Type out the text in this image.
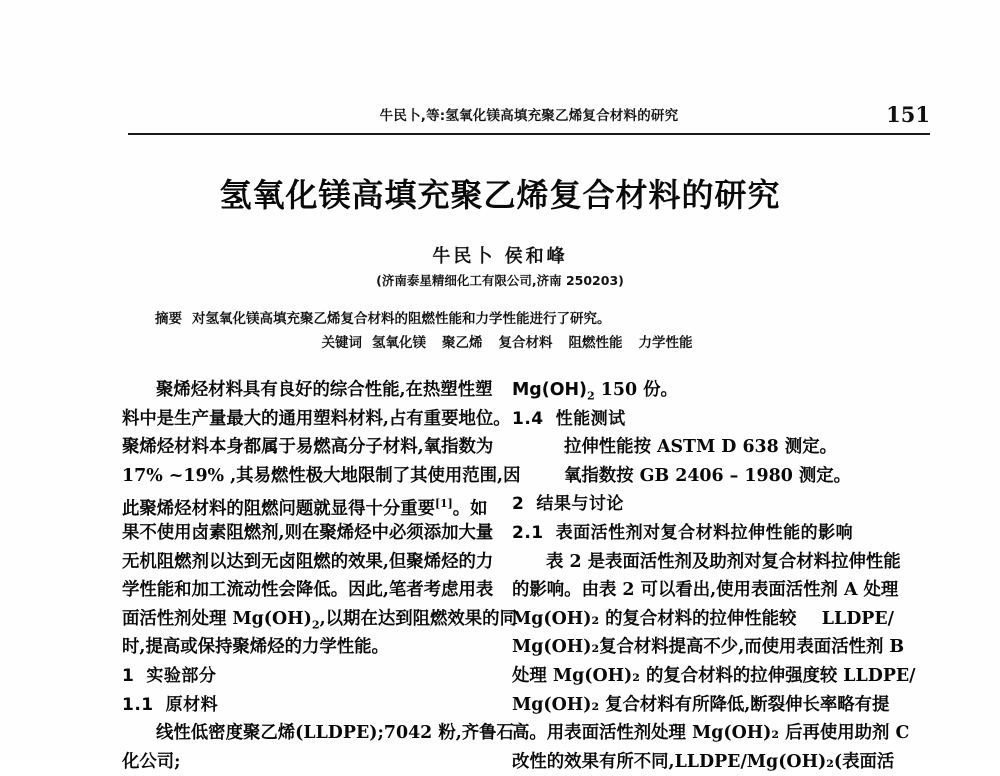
牛民卜,等:氢氧化镁高填充聚乙烯复合材料的研究	151
氢氧化镁高填充聚乙烯复合材料的研究
牛民卜 侯和峰
(济南泰星精细化工有限公司,济南 250203)
摘要 对氢氧化镁高填充聚乙烯复合材料的阻燃性能和力学性能进行了研究。
关键词 氢氧化镁 聚乙烯 复合材料 阻燃性能 力学性能
聚烯烃材料具有良好的综合性能,在热塑性塑
料中是生产量最大的通用塑料材料,占有重要地位。
聚烯烃材料本身都属于易燃高分子材料,氧指数为
17% ~19% ,其易燃性极大地限制了其使用范围,因
此聚烯烃材料的阻燃问题就显得十分重要[1]。如
果不使用卤素阻燃剂,则在聚烯烃中必须添加大量
无机阻燃剂以达到无卤阻燃的效果,但聚烯烃的力
学性能和加工流动性会降低。因此,笔者考虑用表
面活性剂处理 $Mg(OH)_2$,以期在达到阻燃效果的同
时,提高或保持聚烯烃的力学性能。
1 实验部分
1.1 原材料
线性低密度聚乙烯(LLDPE);7042 粉,齐鲁石
化公司;
$Mg(OH)_2$ 150 份。
1.4 性能测试
拉伸性能按 ASTM D 638 测定。
氧指数按 GB 2406 – 1980 测定。
2 结果与讨论
2.1 表面活性剂对复合材料拉伸性能的影响
表 2 是表面活性剂及助剂对复合材料拉伸性能
的影响。由表 2 可以看出,使用表面活性剂 A 处理
Mg(OH)₂ 的复合材料的拉伸性能较 LLDPE/
Mg(OH)₂复合材料提高不少,而使用表面活性剂 B
处理 Mg(OH)₂ 的复合材料的拉伸强度较 LLDPE/
Mg(OH)₂ 复合材料有所降低,断裂伸长率略有提
高。用表面活性剂处理 Mg(OH)₂ 后再使用助剂 C
改性的效果有所不同,LLDPE/Mg(OH)₂(表面活
